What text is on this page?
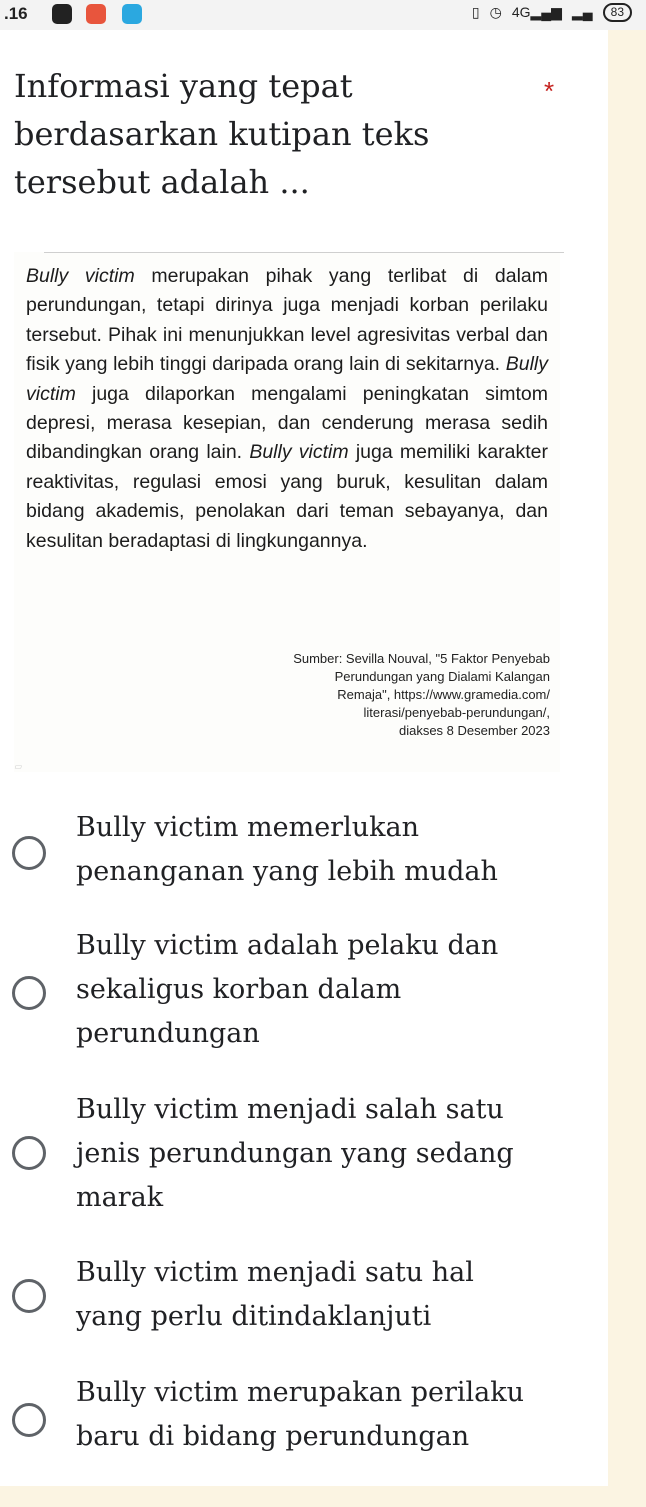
.16	▯ ◷ 4G▂▄▆ ▂▄	83
Informasi yang tepat berdasarkan kutipan teks tersebut adalah ...
*
Bully victim merupakan pihak yang terlibat di dalam perundungan, tetapi dirinya juga menjadi korban perilaku tersebut. Pihak ini menunjukkan level agresivitas verbal dan fisik yang lebih tinggi daripada orang lain di sekitarnya. Bully victim juga dilaporkan mengalami peningkatan simtom depresi, merasa kesepian, dan cenderung merasa sedih dibandingkan orang lain. Bully victim juga memiliki karakter reaktivitas, regulasi emosi yang buruk, kesulitan dalam bidang akademis, penolakan dari teman sebayanya, dan kesulitan beradaptasi di lingkungannya.
Sumber: Sevilla Nouval, "5 Faktor Penyebab
Perundungan yang Dialami Kalangan
Remaja", https://www.gramedia.com/
literasi/penyebab-perundungan/,
diakses 8 Desember 2023
▭
Bully victim memerlukan penanganan yang lebih mudah
Bully victim adalah pelaku dan sekaligus korban dalam perundungan
Bully victim menjadi salah satu jenis perundungan yang sedang marak
Bully victim menjadi satu hal yang perlu ditindaklanjuti
Bully victim merupakan perilaku baru di bidang perundungan
